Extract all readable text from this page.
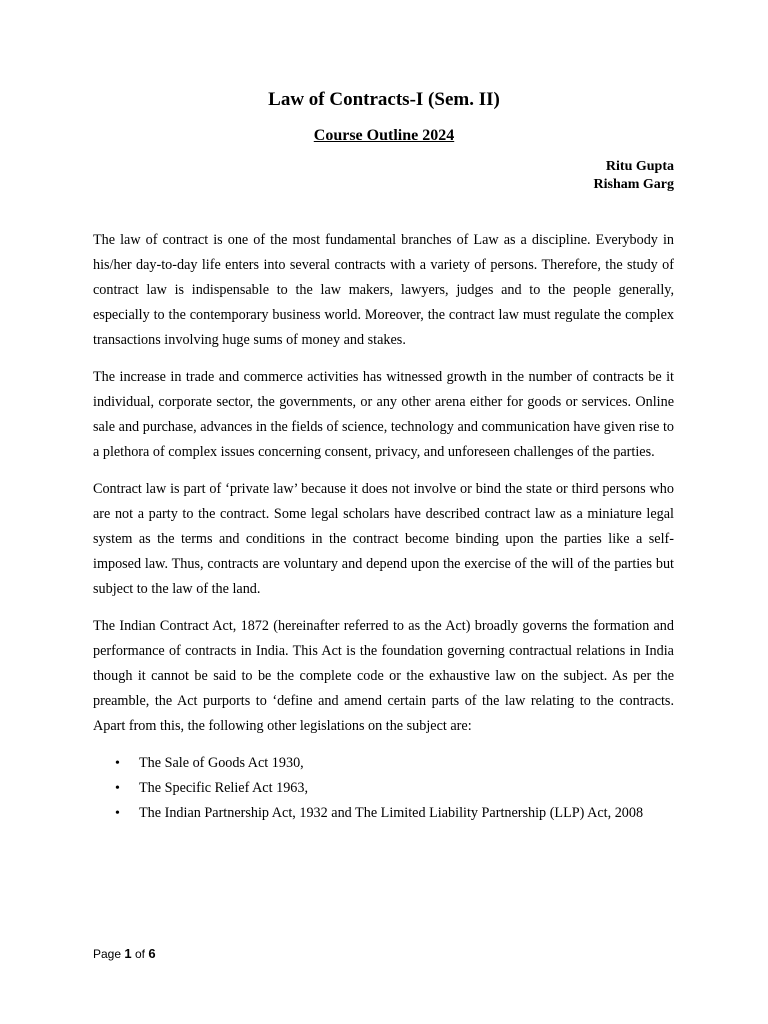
Law of Contracts-I (Sem. II)
Course Outline 2024
Ritu Gupta
Risham Garg

The law of contract is one of the most fundamental branches of Law as a discipline. Everybody in his/her day-to-day life enters into several contracts with a variety of persons. Therefore, the study of contract law is indispensable to the law makers, lawyers, judges and to the people generally, especially to the contemporary business world. Moreover, the contract law must regulate the complex transactions involving huge sums of money and stakes.

The increase in trade and commerce activities has witnessed growth in the number of contracts be it individual, corporate sector, the governments, or any other arena either for goods or services. Online sale and purchase, advances in the fields of science, technology and communication have given rise to a plethora of complex issues concerning consent, privacy, and unforeseen challenges of the parties.

Contract law is part of ‘private law’ because it does not involve or bind the state or third persons who are not a party to the contract. Some legal scholars have described contract law as a miniature legal system as the terms and conditions in the contract become binding upon the parties like a self-imposed law. Thus, contracts are voluntary and depend upon the exercise of the will of the parties but subject to the law of the land.

The Indian Contract Act, 1872 (hereinafter referred to as the Act) broadly governs the formation and performance of contracts in India. This Act is the foundation governing contractual relations in India though it cannot be said to be the complete code or the exhaustive law on the subject. As per the preamble, the Act purports to ‘define and amend certain parts of the law relating to the contracts. Apart from this, the following other legislations on the subject are:

• The Sale of Goods Act 1930,
• The Specific Relief Act 1963,
• The Indian Partnership Act, 1932 and The Limited Liability Partnership (LLP) Act, 2008
Page 1 of 6
